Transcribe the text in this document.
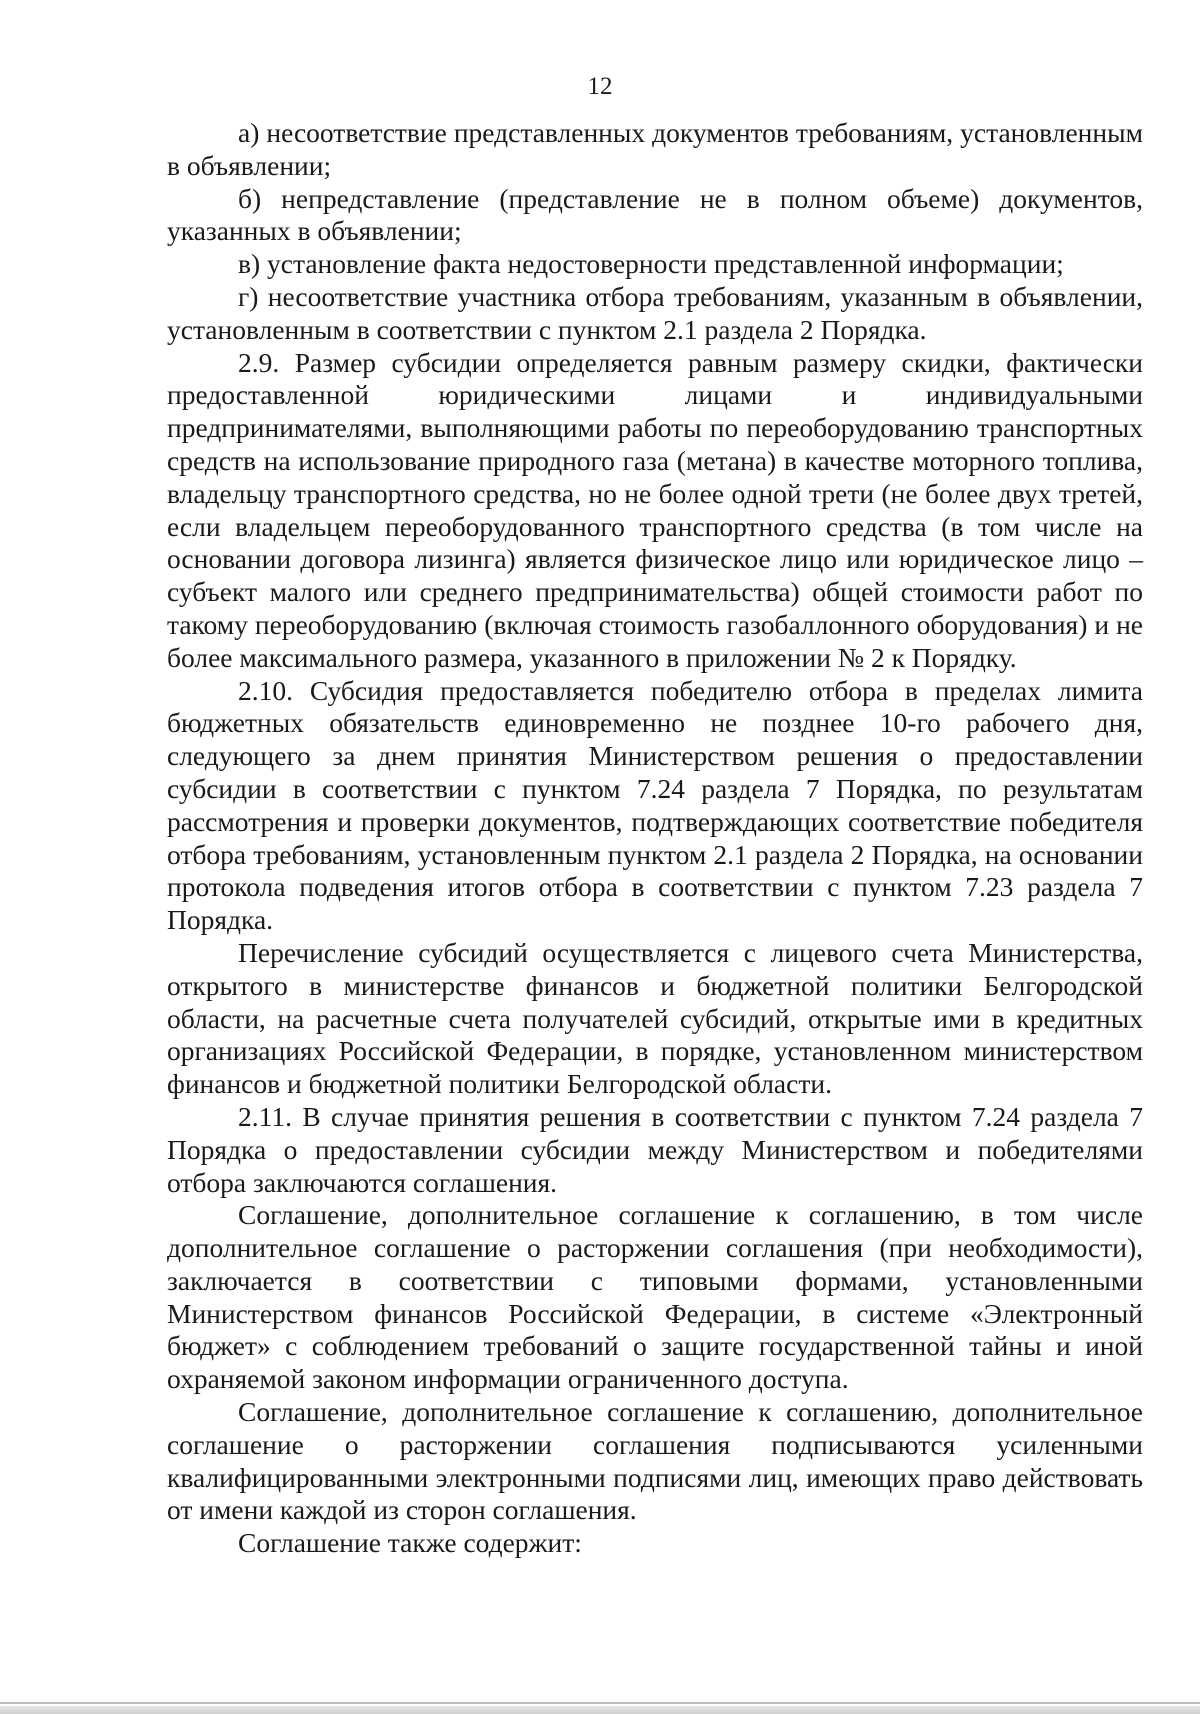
12

а) несоответствие представленных документов требованиям, установленным в объявлении;

б) непредставление (представление не в полном объеме) документов, указанных в объявлении;

в) установление факта недостоверности представленной информации;

г) несоответствие участника отбора требованиям, указанным в объявлении, установленным в соответствии с пунктом 2.1 раздела 2 Порядка.

2.9. Размер субсидии определяется равным размеру скидки, фактически предоставленной юридическими лицами и индивидуальными предпринимателями, выполняющими работы по переоборудованию транспортных средств на использование природного газа (метана) в качестве моторного топлива, владельцу транспортного средства, но не более одной трети (не более двух третей, если владельцем переоборудованного транспортного средства (в том числе на основании договора лизинга) является физическое лицо или юридическое лицо – субъект малого или среднего предпринимательства) общей стоимости работ по такому переоборудованию (включая стоимость газобаллонного оборудования) и не более максимального размера, указанного в приложении № 2 к Порядку.

2.10. Субсидия предоставляется победителю отбора в пределах лимита бюджетных обязательств единовременно не позднее 10-го рабочего дня, следующего за днем принятия Министерством решения о предоставлении субсидии в соответствии с пунктом 7.24 раздела 7 Порядка, по результатам рассмотрения и проверки документов, подтверждающих соответствие победителя отбора требованиям, установленным пунктом 2.1 раздела 2 Порядка, на основании протокола подведения итогов отбора в соответствии с пунктом 7.23 раздела 7 Порядка.

Перечисление субсидий осуществляется с лицевого счета Министерства, открытого в министерстве финансов и бюджетной политики Белгородской области, на расчетные счета получателей субсидий, открытые ими в кредитных организациях Российской Федерации, в порядке, установленном министерством финансов и бюджетной политики Белгородской области.

2.11. В случае принятия решения в соответствии с пунктом 7.24 раздела 7 Порядка о предоставлении субсидии между Министерством и победителями отбора заключаются соглашения.

Соглашение, дополнительное соглашение к соглашению, в том числе дополнительное соглашение о расторжении соглашения (при необходимости), заключается в соответствии с типовыми формами, установленными Министерством финансов Российской Федерации, в системе «Электронный бюджет» с соблюдением требований о защите государственной тайны и иной охраняемой законом информации ограниченного доступа.

Соглашение, дополнительное соглашение к соглашению, дополнительное соглашение о расторжении соглашения подписываются усиленными квалифицированными электронными подписями лиц, имеющих право действовать от имени каждой из сторон соглашения.

Соглашение также содержит:
